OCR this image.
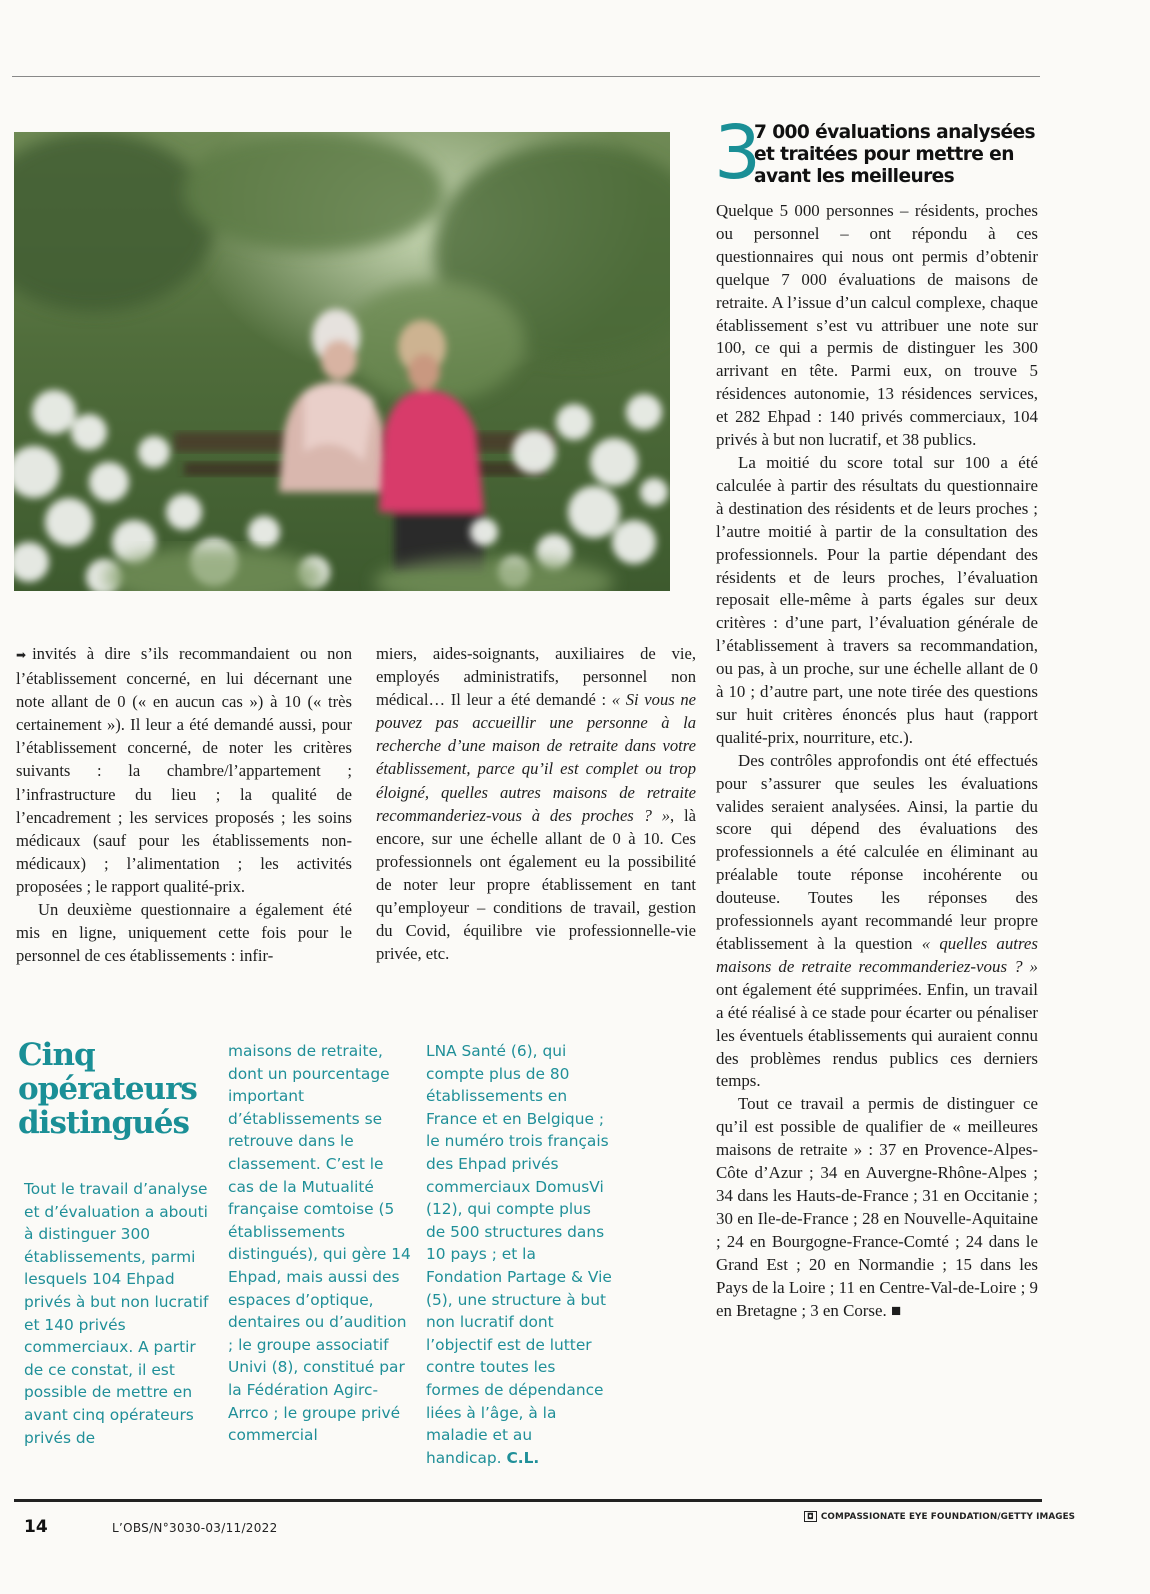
3
7 000 évaluations analysées et traitées pour mettre en avant les meilleures

➡ invités à dire s’ils recommandaient ou non l’établissement concerné, en lui décernant une note allant de 0 (« en aucun cas ») à 10 (« très certainement »). Il leur a été demandé aussi, pour l’établissement concerné, de noter les critères suivants : la chambre/l’appartement ; l’infrastructure du lieu ; la qualité de l’encadrement ; les services proposés ; les soins médicaux (sauf pour les établissements non-médicaux) ; l’alimentation ; les activités proposées ; le rapport qualité-prix.

Un deuxième questionnaire a également été mis en ligne, uniquement cette fois pour le personnel de ces établissements : infir-

miers, aides-soignants, auxiliaires de vie, employés administratifs, personnel non médical… Il leur a été demandé : « Si vous ne pouvez pas accueillir une personne à la recherche d’une maison de retraite dans votre établissement, parce qu’il est complet ou trop éloigné, quelles autres maisons de retraite recommanderiez-vous à des proches ? », là encore, sur une échelle allant de 0 à 10. Ces professionnels ont également eu la possibilité de noter leur propre établissement en tant qu’employeur – conditions de travail, gestion du Covid, équilibre vie professionnelle-vie privée, etc.

Quelque 5 000 personnes – résidents, proches ou personnel – ont répondu à ces questionnaires qui nous ont permis d’obtenir quelque 7 000 évaluations de maisons de retraite. A l’issue d’un calcul complexe, chaque établissement s’est vu attribuer une note sur 100, ce qui a permis de distinguer les 300 arrivant en tête. Parmi eux, on trouve 5 résidences autonomie, 13 résidences services, et 282 Ehpad : 140 privés commerciaux, 104 privés à but non lucratif, et 38 publics.

La moitié du score total sur 100 a été calculée à partir des résultats du questionnaire à destination des résidents et de leurs proches ; l’autre moitié à partir de la consultation des professionnels. Pour la partie dépendant des résidents et de leurs proches, l’évaluation reposait elle-même à parts égales sur deux critères : d’une part, l’évaluation générale de l’établissement à travers sa recommandation, ou pas, à un proche, sur une échelle allant de 0 à 10 ; d’autre part, une note tirée des questions sur huit critères énoncés plus haut (rapport qualité-prix, nourriture, etc.).

Des contrôles approfondis ont été effectués pour s’assurer que seules les évaluations valides seraient analysées. Ainsi, la partie du score qui dépend des évaluations des professionnels a été calculée en éliminant au préalable toute réponse incohérente ou douteuse. Toutes les réponses des professionnels ayant recommandé leur propre établissement à la question « quelles autres maisons de retraite recommanderiez-vous ? » ont également été supprimées. Enfin, un travail a été réalisé à ce stade pour écarter ou pénaliser les éventuels établissements qui auraient connu des problèmes rendus publics ces derniers temps.

Tout ce travail a permis de distinguer ce qu’il est possible de qualifier de « meilleures maisons de retraite » : 37 en Provence-Alpes-Côte d’Azur ; 34 en Auvergne-Rhône-Alpes ; 34 dans les Hauts-de-France ; 31 en Occitanie ; 30 en Ile-de-France ; 28 en Nouvelle-Aquitaine ; 24 en Bourgogne-France-Comté ; 24 dans le Grand Est ; 20 en Normandie ; 15 dans les Pays de la Loire ; 11 en Centre-Val-de-Loire ; 9 en Bretagne ; 3 en Corse. ■

Cinq opérateurs distingués

Tout le travail d’analyse et d’évaluation a abouti à distinguer 300 établissements, parmi lesquels 104 Ehpad privés à but non lucratif et 140 privés commerciaux. A partir de ce constat, il est possible de mettre en avant cinq opérateurs privés de

maisons de retraite, dont un pourcentage important d’établissements se retrouve dans le classement. C’est le cas de la Mutualité française comtoise (5 établissements distingués), qui gère 14 Ehpad, mais aussi des espaces d’optique, dentaires ou d’audition ; le groupe associatif Univi (8), constitué par la Fédération Agirc-Arrco ; le groupe privé commercial

LNA Santé (6), qui compte plus de 80 établissements en France et en Belgique ; le numéro trois français des Ehpad privés commerciaux DomusVi (12), qui compte plus de 500 structures dans 10 pays ; et la Fondation Partage & Vie (5), une structure à but non lucratif dont l’objectif est de lutter contre toutes les formes de dépendance liées à l’âge, à la maladie et au handicap. C.L.

14	L’OBS/N°3030-03/11/2022
◘ COMPASSIONATE EYE FOUNDATION/GETTY IMAGES
